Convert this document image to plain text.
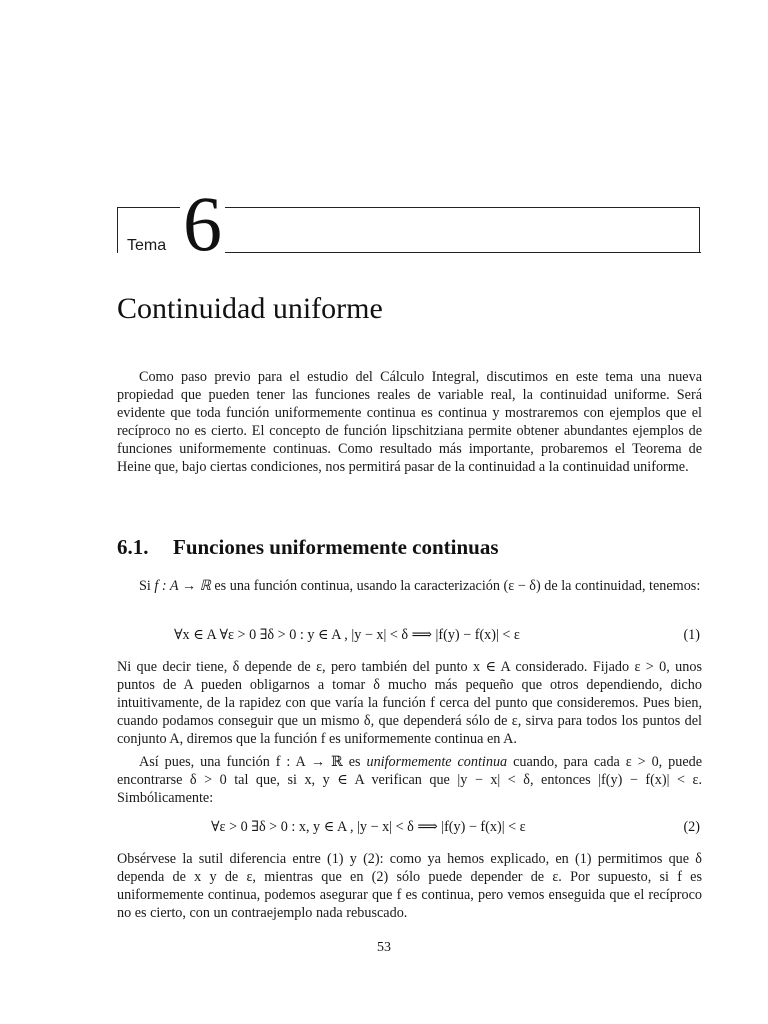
Tema 6
Continuidad uniforme

Como paso previo para el estudio del Cálculo Integral, discutimos en este tema una nueva propiedad que pueden tener las funciones reales de variable real, la continuidad uniforme. Será evidente que toda función uniformemente continua es continua y mostraremos con ejemplos que el recíproco no es cierto. El concepto de función lipschitziana permite obtener abundantes ejemplos de funciones uniformemente continuas. Como resultado más importante, probaremos el Teorema de Heine que, bajo ciertas condiciones, nos permitirá pasar de la continuidad a la continuidad uniforme.

6.1. Funciones uniformemente continuas

Si f : A → ℝ es una función continua, usando la caracterización (ε − δ) de la continuidad, tenemos:

∀x ∈ A ∀ε > 0 ∃δ > 0 : y ∈ A , |y − x| < δ ⟹ |f(y) − f(x)| < ε	(1)

Ni que decir tiene, δ depende de ε, pero también del punto x ∈ A considerado. Fijado ε > 0, unos puntos de A pueden obligarnos a tomar δ mucho más pequeño que otros dependiendo, dicho intuitivamente, de la rapidez con que varía la función f cerca del punto que consideremos. Pues bien, cuando podamos conseguir que un mismo δ, que dependerá sólo de ε, sirva para todos los puntos del conjunto A, diremos que la función f es uniformemente continua en A.

Así pues, una función f : A → ℝ es uniformemente continua cuando, para cada ε > 0, puede encontrarse δ > 0 tal que, si x, y ∈ A verifican que |y − x| < δ, entonces |f(y) − f(x)| < ε. Simbólicamente:

∀ε > 0 ∃δ > 0 : x, y ∈ A , |y − x| < δ ⟹ |f(y) − f(x)| < ε	(2)

Obsérvese la sutil diferencia entre (1) y (2): como ya hemos explicado, en (1) permitimos que δ dependa de x y de ε, mientras que en (2) sólo puede depender de ε. Por supuesto, si f es uniformemente continua, podemos asegurar que f es continua, pero vemos enseguida que el recíproco no es cierto, con un contraejemplo nada rebuscado.

53
